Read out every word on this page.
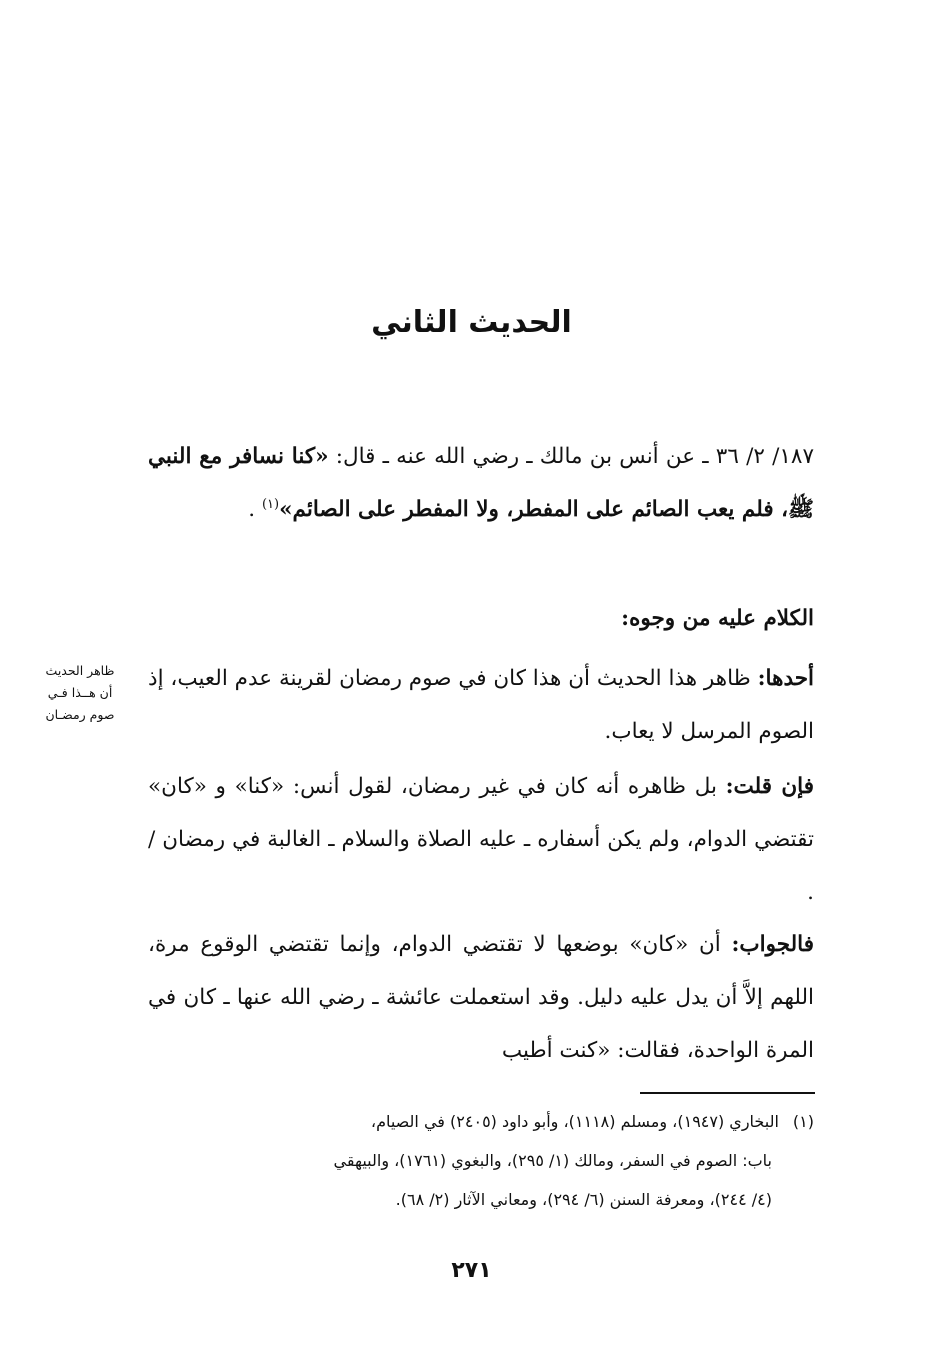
الحديث الثاني
١٨٧/ ٢/ ٣٦ ـ عن أنس بن مالك ـ رضي الله عنه ـ قال: «كنا نسافر مع النبي ﷺ، فلم يعب الصائم على المفطر، ولا المفطر على الصائم»$^{(١)}$ .
الكلام عليه من وجوه:
أحدها: ظاهر هذا الحديث أن هذا كان في صوم رمضان لقرينة عدم العيب، إذ الصوم المرسل لا يعاب.
ظاهر الحديث
أن هــذا فـي
صوم رمضـان
فإن قلت: بل ظاهره أنه كان في غير رمضان، لقول أنس: «كنا» و «كان» تقتضي الدوام، ولم يكن أسفاره ـ عليه الصلاة والسلام ـ الغالبة في رمضان / .
فالجواب: أن «كان» بوضعها لا تقتضي الدوام، وإنما تقتضي الوقوع مرة، اللهم إلاَّ أن يدل عليه دليل. وقد استعملت عائشة ـ رضي الله عنها ـ كان في المرة الواحدة، فقالت: «كنت أطيب
(١)البخاري (١٩٤٧)، ومسلم (١١١٨)، وأبو داود (٢٤٠٥) في الصيام،
باب: الصوم في السفر، ومالك (١/ ٢٩٥)، والبغوي (١٧٦١)، والبيهقي
(٤/ ٢٤٤)، ومعرفة السنن (٦/ ٢٩٤)، ومعاني الآثار (٢/ ٦٨).
٢٧١
